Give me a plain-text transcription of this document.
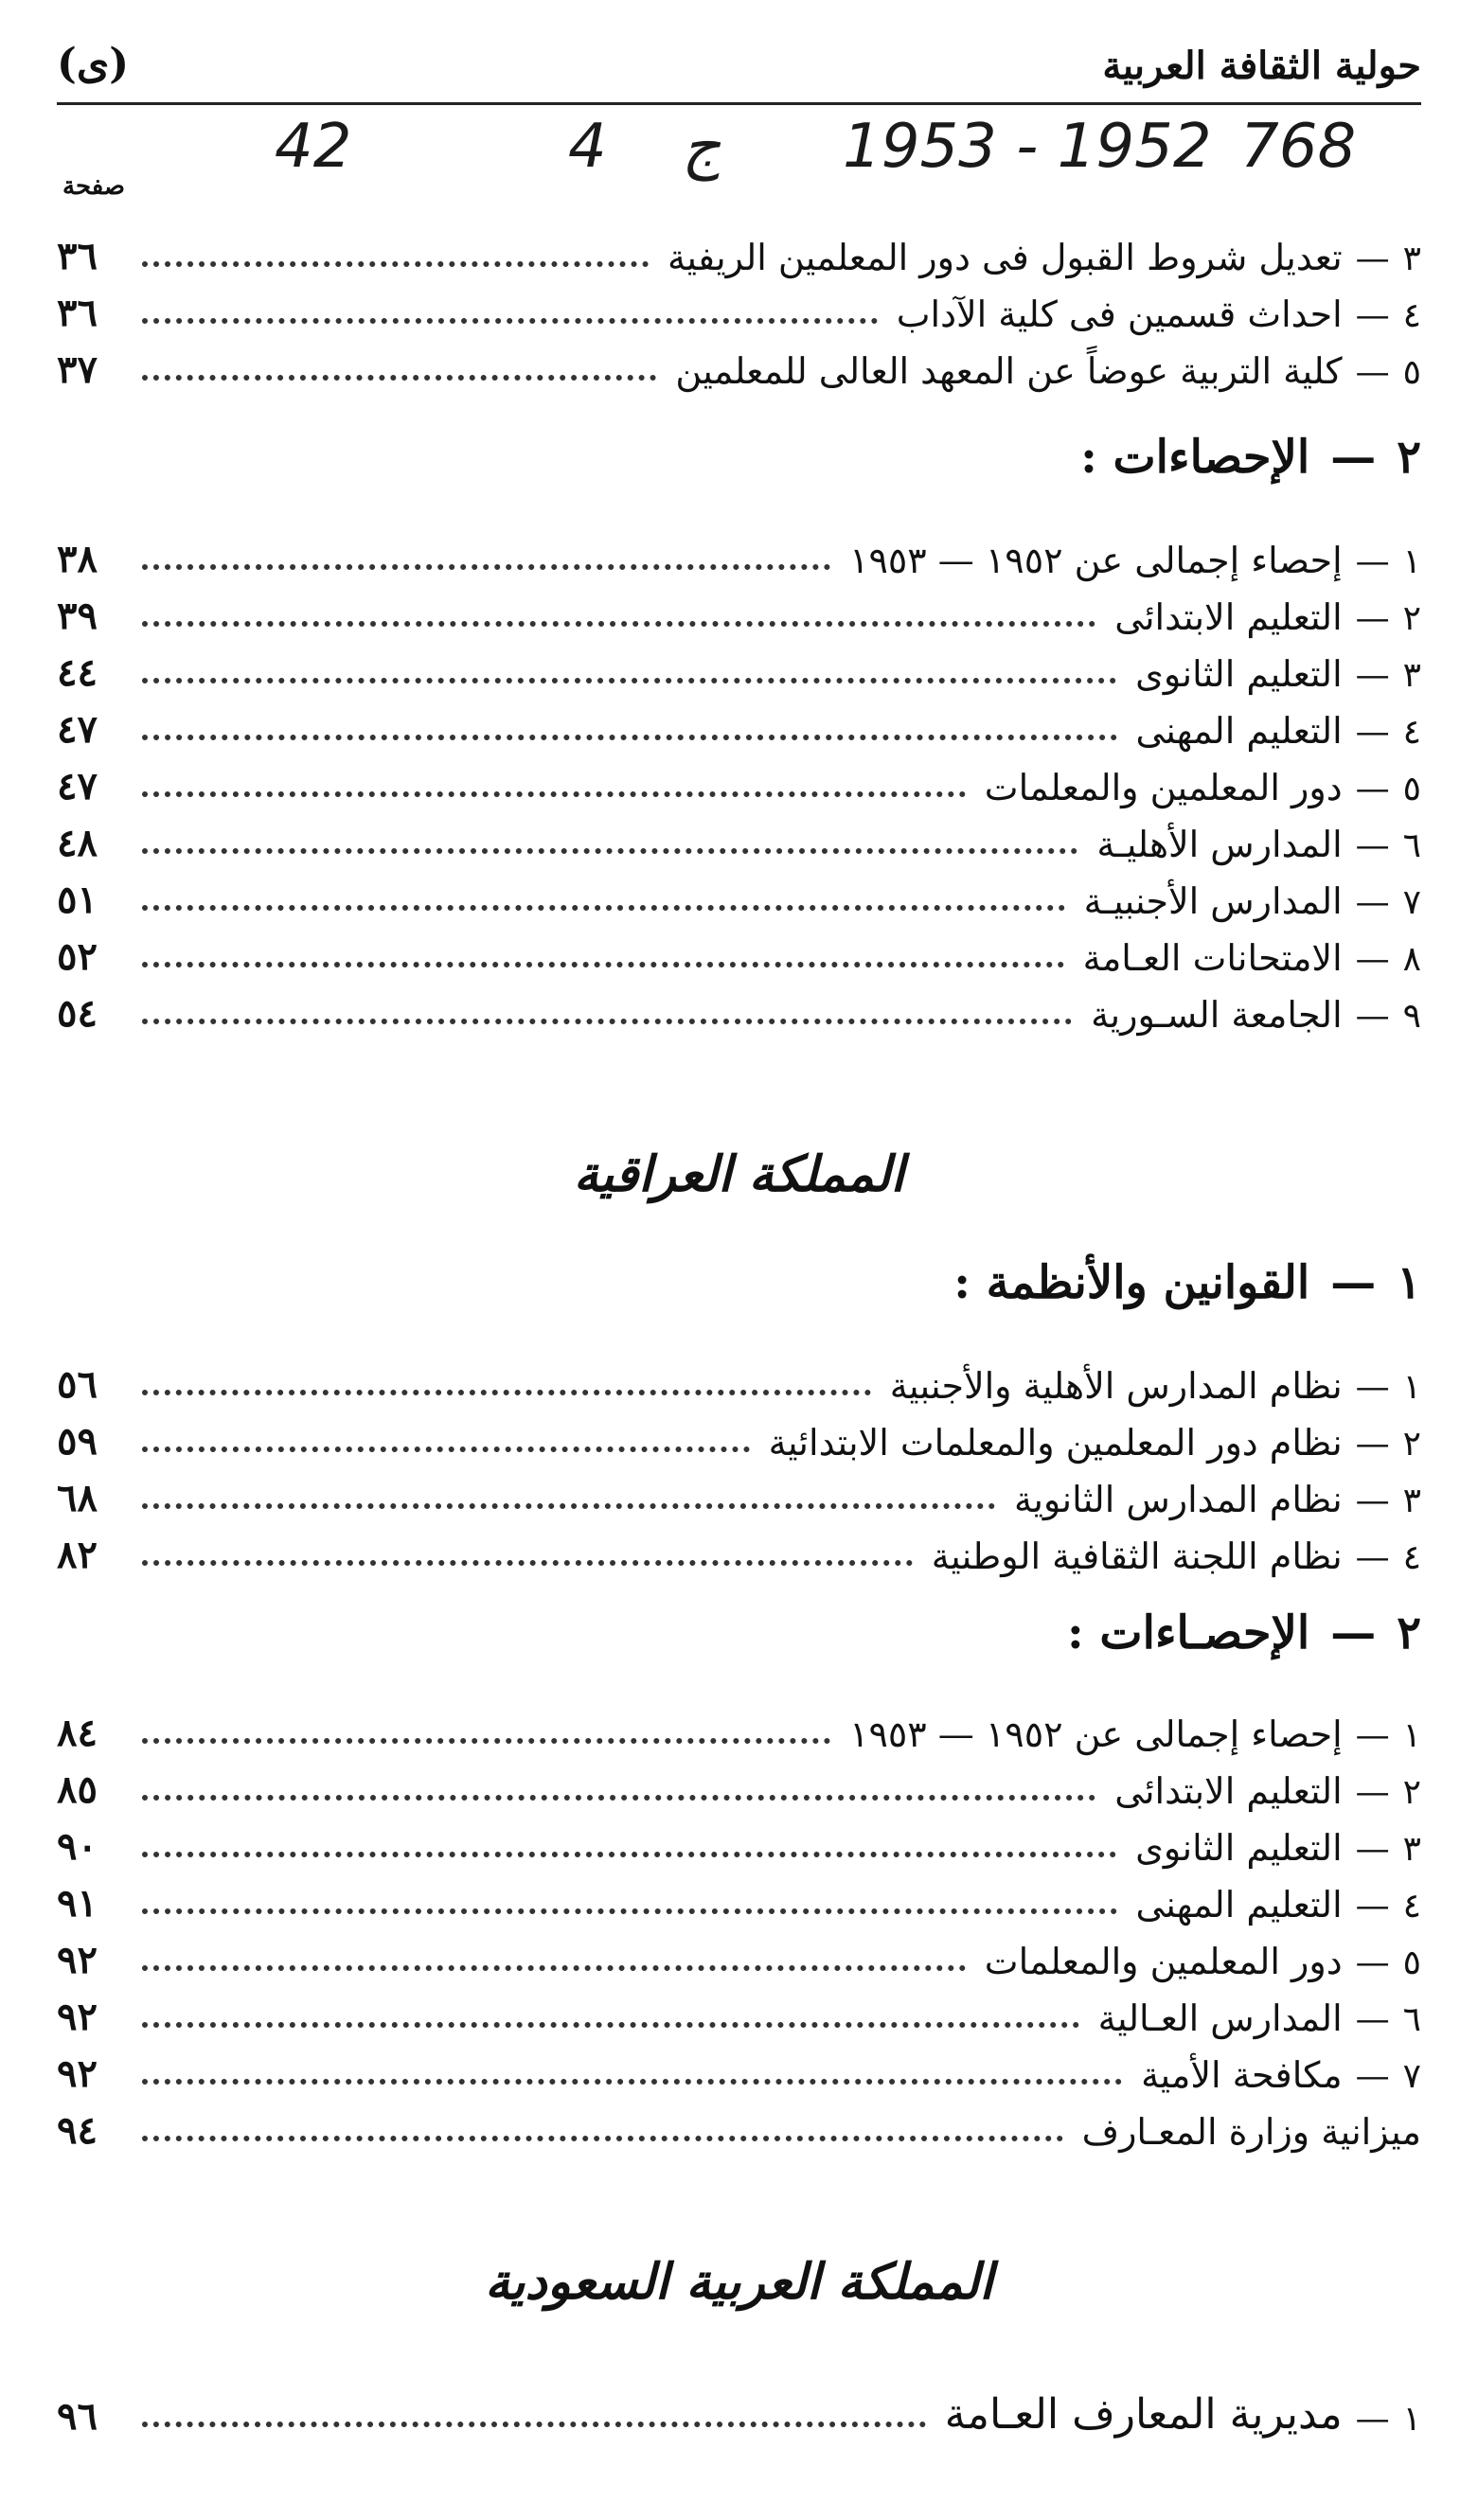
حولية الثقافة العربية
(ى)
42	4 ج 1953 - 1952 768
صفحة
٣
—
تعديل شروط القبول فى دور المعلمين الريفية
٣٦
٤
—
احداث قسمين فى كلية الآداب
٣٦
٥
—
كلية التربية عوضاً عن المعهد العالى للمعلمين
٣٧
٢
—
الإحصاءات :
١
—
إحصاء إجمالى عن ١٩٥٢ — ١٩٥٣
٣٨
٢
—
التعليم الابتدائى
٣٩
٣
—
التعليم الثانوى
٤٤
٤
—
التعليم المهنى
٤٧
٥
—
دور المعلمين والمعلمات
٤٧
٦
—
المدارس الأهليـة
٤٨
٧
—
المدارس الأجنبيـة
٥١
٨
—
الامتحانات العـامة
٥٢
٩
—
الجامعة السـورية
٥٤
المملكة العراقية
١
—
القوانين والأنظمة :
١
—
نظام المدارس الأهلية والأجنبية
٥٦
٢
—
نظام دور المعلمين والمعلمات الابتدائية
٥٩
٣
—
نظام المدارس الثانوية
٦٨
٤
—
نظام اللجنة الثقافية الوطنية
٨٢
٢
—
الإحصـاءات :
١
—
إحصاء إجمالى عن ١٩٥٢ — ١٩٥٣
٨٤
٢
—
التعليم الابتدائى
٨٥
٣
—
التعليم الثانوى
٩٠
٤
—
التعليم المهنى
٩١
٥
—
دور المعلمين والمعلمات
٩٢
٦
—
المدارس العـالية
٩٢
٧
—
مكافحة الأمية
٩٢
ميزانية وزارة المعـارف
٩٤
المملكة العربية السعودية
١
—
مديرية المعارف العـامة
٩٦
